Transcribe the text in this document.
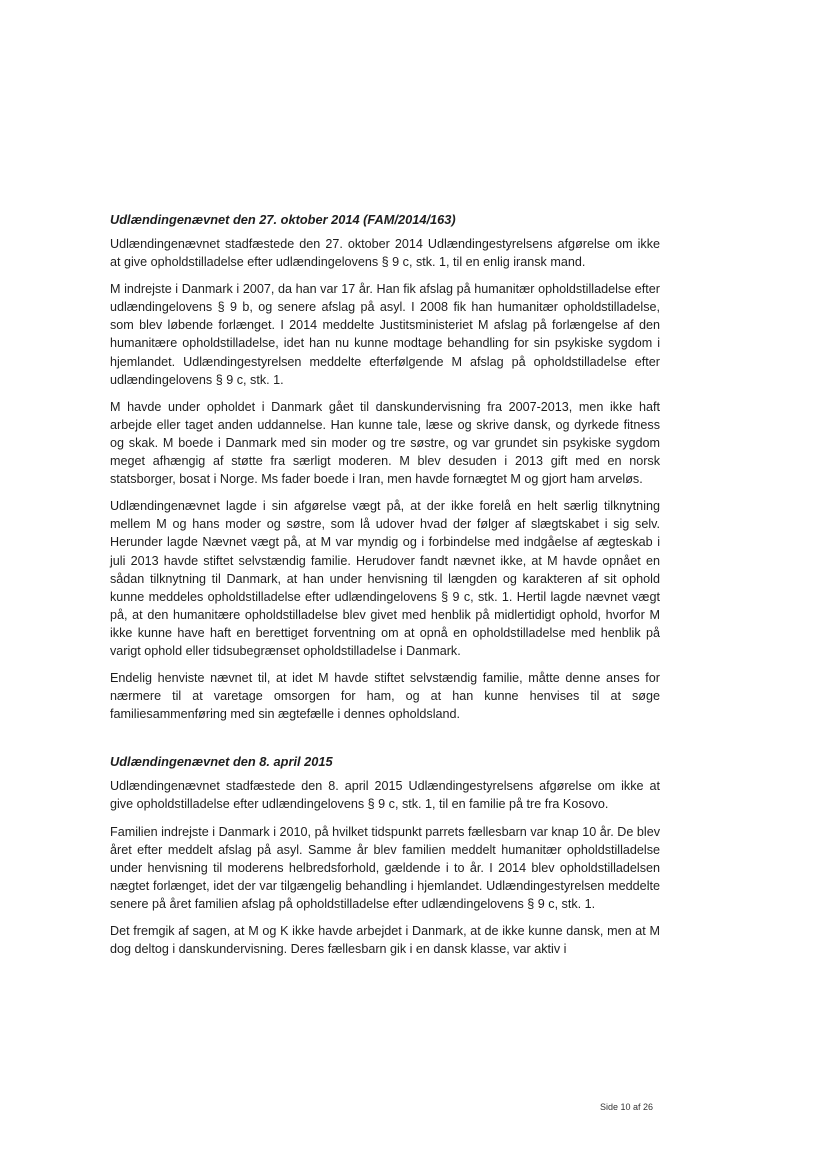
Udlændingenævnet den 27. oktober 2014 (FAM/2014/163)

Udlændingenævnet stadfæstede den 27. oktober 2014 Udlændingestyrelsens afgørelse om ikke at give opholdstilladelse efter udlændingelovens § 9 c, stk. 1, til en enlig iransk mand.

M indrejste i Danmark i 2007, da han var 17 år. Han fik afslag på humanitær opholdstilladelse efter udlændingelovens § 9 b, og senere afslag på asyl. I 2008 fik han humanitær opholdstilladelse, som blev løbende forlænget. I 2014 meddelte Justitsministeriet M afslag på forlængelse af den humanitære opholdstilladelse, idet han nu kunne modtage behandling for sin psykiske sygdom i hjemlandet. Udlændingestyrelsen meddelte efterfølgende M afslag på opholdstilladelse efter udlændingelovens § 9 c, stk. 1.

M havde under opholdet i Danmark gået til danskundervisning fra 2007-2013, men ikke haft arbejde eller taget anden uddannelse. Han kunne tale, læse og skrive dansk, og dyrkede fitness og skak. M boede i Danmark med sin moder og tre søstre, og var grundet sin psykiske sygdom meget afhængig af støtte fra særligt moderen. M blev desuden i 2013 gift med en norsk statsborger, bosat i Norge. Ms fader boede i Iran, men havde fornægtet M og gjort ham arveløs.

Udlændingenævnet lagde i sin afgørelse vægt på, at der ikke forelå en helt særlig tilknytning mellem M og hans moder og søstre, som lå udover hvad der følger af slægtskabet i sig selv. Herunder lagde Nævnet vægt på, at M var myndig og i forbindelse med indgåelse af ægteskab i juli 2013 havde stiftet selvstændig familie. Herudover fandt nævnet ikke, at M havde opnået en sådan tilknytning til Danmark, at han under henvisning til længden og karakteren af sit ophold kunne meddeles opholdstilladelse efter udlændingelovens § 9 c, stk. 1. Hertil lagde nævnet vægt på, at den humanitære opholdstilladelse blev givet med henblik på midlertidigt ophold, hvorfor M ikke kunne have haft en berettiget forventning om at opnå en opholdstilladelse med henblik på varigt ophold eller tidsubegrænset opholdstilladelse i Danmark.

Endelig henviste nævnet til, at idet M havde stiftet selvstændig familie, måtte denne anses for nærmere til at varetage omsorgen for ham, og at han kunne henvises til at søge familiesammenføring med sin ægtefælle i dennes opholdsland.

Udlændingenævnet den 8. april 2015

Udlændingenævnet stadfæstede den 8. april 2015 Udlændingestyrelsens afgørelse om ikke at give opholdstilladelse efter udlændingelovens § 9 c, stk. 1, til en familie på tre fra Kosovo.

Familien indrejste i Danmark i 2010, på hvilket tidspunkt parrets fællesbarn var knap 10 år. De blev året efter meddelt afslag på asyl. Samme år blev familien meddelt humanitær opholdstilladelse under henvisning til moderens helbredsforhold, gældende i to år. I 2014 blev opholdstilladelsen nægtet forlænget, idet der var tilgængelig behandling i hjemlandet. Udlændingestyrelsen meddelte senere på året familien afslag på opholdstilladelse efter udlændingelovens § 9 c, stk. 1.

Det fremgik af sagen, at M og K ikke havde arbejdet i Danmark, at de ikke kunne dansk, men at M dog deltog i danskundervisning. Deres fællesbarn gik i en dansk klasse, var aktiv i

Side 10 af 26
